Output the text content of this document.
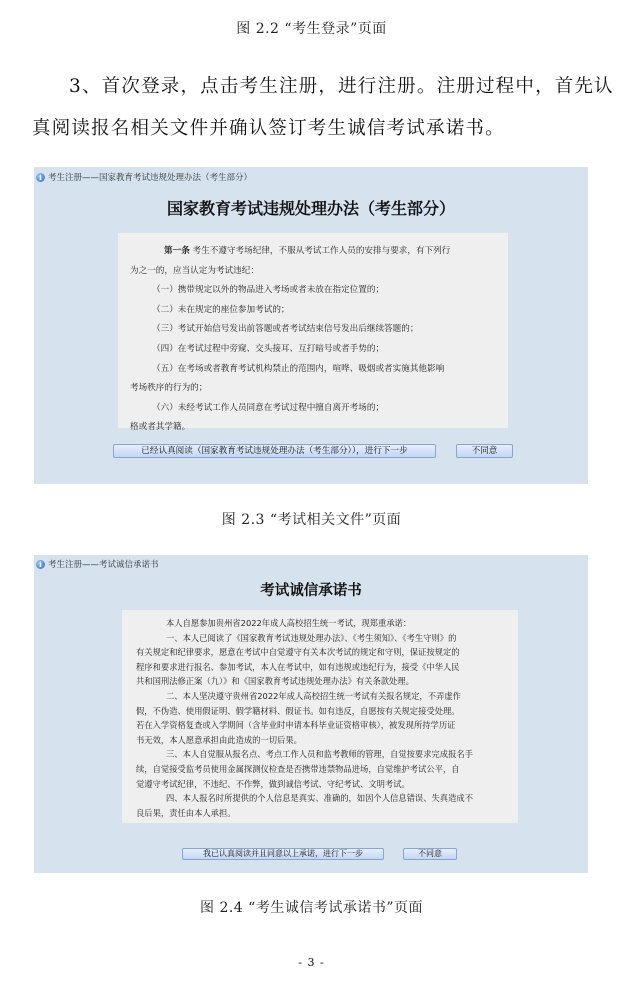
图 2.2 “考生登录”页面
3、首次登录，点击考生注册，进行注册。注册过程中，首先认
真阅读报名相关文件并确认签订考生诚信考试承诺书。
i 考生注册——国家教育考试违规处理办法（考生部分）
国家教育考试违规处理办法（考生部分）

第一条 考生不遵守考场纪律，不服从考试工作人员的安排与要求，有下列行

为之一的，应当认定为考试违纪：

（一）携带规定以外的物品进入考场或者未放在指定位置的；

（二）未在规定的座位参加考试的；

（三）考试开始信号发出前答题或者考试结束信号发出后继续答题的；

（四）在考试过程中旁窥、交头接耳、互打暗号或者手势的；

（五）在考场或者教育考试机构禁止的范围内，喧哗、吸烟或者实施其他影响

考场秩序的行为的；

（六）未经考试工作人员同意在考试过程中擅自离开考场的；

格或者其学籍。

已经认真阅读（国家教育考试违规处理办法（考生部分）），进行下一步	不同意
图 2.3 “考试相关文件”页面
i 考生注册——考试诚信承诺书
考试诚信承诺书

本人自愿参加贵州省2022年成人高校招生统一考试，现郑重承诺：

一、本人已阅读了《国家教育考试违规处理办法》、《考生须知》、《考生守则》的

有关规定和纪律要求，愿意在考试中自觉遵守有关本次考试的规定和守则，保证按规定的

程序和要求进行报名、参加考试，本人在考试中，如有违规或违纪行为，接受《中华人民

共和国刑法修正案（九）》和《国家教育考试违规处理办法》有关条款处理。

二、本人坚决遵守贵州省2022年成人高校招生统一考试有关报名规定，不弄虚作

假，不伪造、使用假证明、假学籍材料、假证书。如有违反，自愿按有关规定接受处理。

若在入学资格复查或入学期间（含毕业时申请本科毕业证资格审核），被发现所持学历证

书无效，本人愿意承担由此造成的一切后果。

三、本人自觉服从报名点、考点工作人员和监考教师的管理，自觉按要求完成报名手

续，自觉接受监考员使用金属探测仪检查是否携带违禁物品进场，自觉维护考试公平，自

觉遵守考试纪律，不违纪、不作弊，做到诚信考试、守纪考试、文明考试。

四、本人报名时所提供的个人信息是真实、准确的，如因个人信息错误、失真造成不

良后果，责任由本人承担。

我已认真阅读并且同意以上承诺，进行下一步	不同意
图 2.4 “考生诚信考试承诺书”页面
- 3 -
